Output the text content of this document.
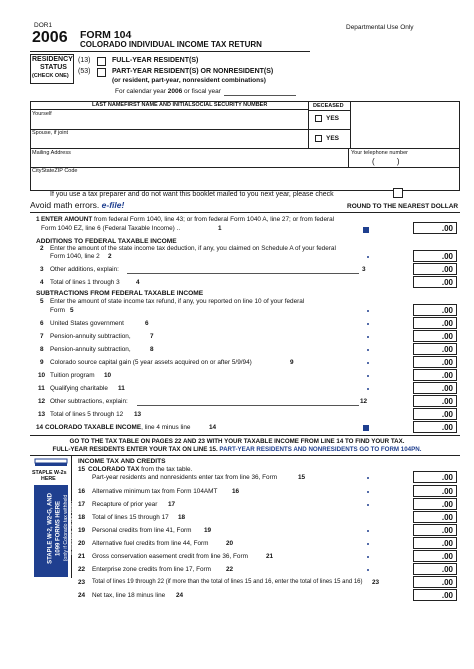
DOR1
2006 FORM 104
COLORADO INDIVIDUAL INCOME TAX RETURN
Departmental Use Only
RESIDENCY
STATUS
(CHECK ONE)
(13)	FULL-YEAR RESIDENT(S)
(53)	PART-YEAR RESIDENT(S) OR NONRESIDENT(S)
(or resident, part-year, nonresident combinations)
For calendar year 2006 or fiscal year
LAST NAMEFIRST NAME AND INITIALSOCIAL SECURITY NUMBER	DECEASED
Yourself
YES
Spouse, if joint
YES
Mailing Address	Your telephone number
(          )
CityStateZIP Code
If you use a tax preparer and do not want this booklet mailed to you next year, please check
Avoid math errors. e-file!	ROUND TO THE NEAREST DOLLAR
1 ENTER AMOUNT from federal Form 1040, line 43; or from federal Form 1040 A, line 27; or from federal
Form 1040 EZ, line 6 (Federal Taxable Income) ..	1	.00
ADDITIONS TO FEDERAL TAXABLE INCOME
2 Enter the amount of the state income tax deduction, if any, you claimed on Schedule A of your federal
Form 1040, line 2 2	.00
3 Other additions, explain:	3	.00
4 Total of lines 1 through 3	4	.00
SUBTRACTIONS FROM FEDERAL TAXABLE INCOME
5 Enter the amount of state income tax refund, if any, you reported on line 10 of your federal
Form 5	.00
6 United States government	6	.00
7 Pension-annuity subtraction,	7	.00
8 Pension-annuity subtraction,	8	.00
9 Colorado source capital gain (5 year assets acquired on or after 5/9/94)	9	.00
10 Tuition program 10	.00
11 Qualifying charitable 11	.00
12 Other subtractions, explain:	12	.00
13 Total of lines 5 through 12 13	.00
14 COLORADO TAXABLE INCOME, line 4 minus line	14	.00
GO TO THE TAX TABLE ON PAGES 22 AND 23 WITH YOUR TAXABLE INCOME FROM LINE 14 TO FIND YOUR TAX.
FULL-YEAR RESIDENTS ENTER YOUR TAX ON LINE 15. PART-YEAR RESIDENTS AND NONRESIDENTS GO TO FORM 104PN.
STAPLE W-2s
HERE
STAPLE W-2, W2-G, AND 1099 FORMS HERE (only if Colorado tax withheld is reported on the form)
INCOME TAX AND CREDITS
15 COLORADO TAX from the tax table.
Part-year residents and nonresidents enter tax from line 36, Form	15	.00
16 Alternative minimum tax from Form 104AMT 16	.00
17 Recapture of prior year 17	.00
18 Total of lines 15 through 17 18	.00
19 Personal credits from line 41, Form 19	.00
20 Alternative fuel credits from line 44, Form	20	.00
21 Gross conservation easement credit from line 36, Form	21	.00
22 Enterprise zone credits from line 17, Form 22	.00
23 Total of lines 19 through 22 (if more than the total of lines 15 and 16, enter the total of lines 15 and 16) 23	.00
24 Net tax, line 18 minus line 24	.00
